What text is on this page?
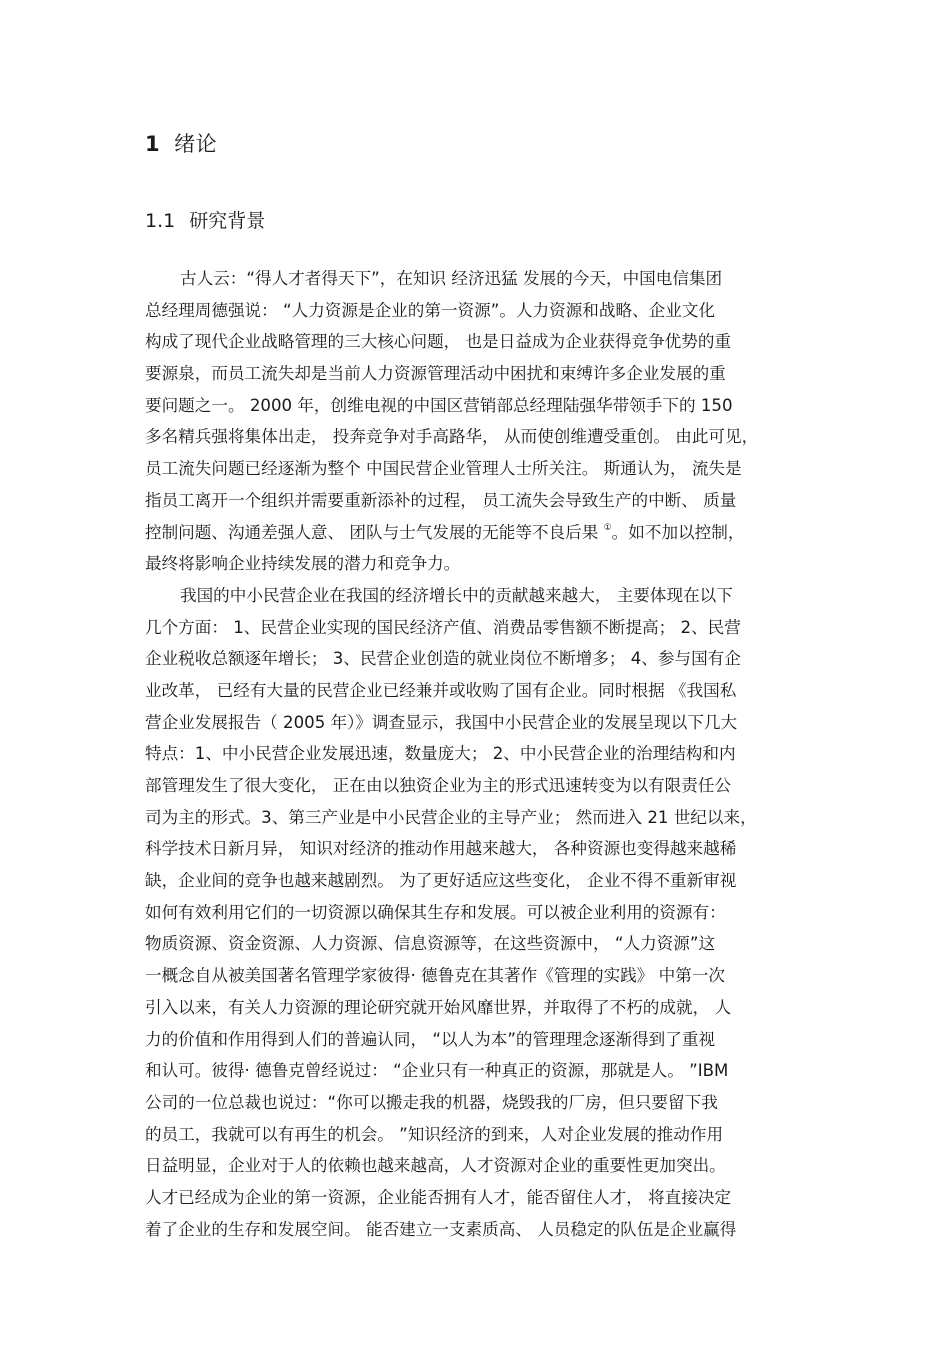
1 绪论
1.1 研究背景
古人云：“得人才者得天下”，在知识 经济迅猛 发展的今天，中国电信集团
总经理周德强说： “人力资源是企业的第一资源”。人力资源和战略、企业文化
构成了现代企业战略管理的三大核心问题， 也是日益成为企业获得竞争优势的重
要源泉，而员工流失却是当前人力资源管理活动中困扰和束缚许多企业发展的重
要问题之一。 2000 年，创维电视的中国区营销部总经理陆强华带领手下的 150
多名精兵强将集体出走， 投奔竞争对手高路华， 从而使创维遭受重创。 由此可见，
员工流失问题已经逐渐为整个 中国民营企业管理人士所关注。 斯通认为， 流失是
指员工离开一个组织并需要重新添补的过程， 员工流失会导致生产的中断、 质量
控制问题、沟通差强人意、 团队与士气发展的无能等不良后果 ①。如不加以控制，
最终将影响企业持续发展的潜力和竞争力。
我国的中小民营企业在我国的经济增长中的贡献越来越大， 主要体现在以下
几个方面： 1、民营企业实现的国民经济产值、消费品零售额不断提高； 2、民营
企业税收总额逐年增长； 3、民营企业创造的就业岗位不断增多； 4、参与国有企
业改革， 已经有大量的民营企业已经兼并或收购了国有企业。同时根据 《我国私
营企业发展报告（ 2005 年）》调查显示，我国中小民营企业的发展呈现以下几大
特点：1、中小民营企业发展迅速，数量庞大； 2、中小民营企业的治理结构和内
部管理发生了很大变化， 正在由以独资企业为主的形式迅速转变为以有限责任公
司为主的形式。3、第三产业是中小民营企业的主导产业； 然而进入 21 世纪以来，
科学技术日新月异， 知识对经济的推动作用越来越大， 各种资源也变得越来越稀
缺，企业间的竞争也越来越剧烈。 为了更好适应这些变化， 企业不得不重新审视
如何有效利用它们的一切资源以确保其生存和发展。可以被企业利用的资源有：
物质资源、资金资源、人力资源、信息资源等，在这些资源中， “人力资源”这
一概念自从被美国著名管理学家彼得· 德鲁克在其著作《管理的实践》 中第一次
引入以来，有关人力资源的理论研究就开始风靡世界，并取得了不朽的成就， 人
力的价值和作用得到人们的普遍认同， “以人为本”的管理理念逐渐得到了重视
和认可。彼得· 德鲁克曾经说过： “企业只有一种真正的资源，那就是人。 ”IBM
公司的一位总裁也说过：“你可以搬走我的机器，烧毁我的厂房，但只要留下我
的员工，我就可以有再生的机会。 ”知识经济的到来，人对企业发展的推动作用
日益明显，企业对于人的依赖也越来越高，人才资源对企业的重要性更加突出。
人才已经成为企业的第一资源，企业能否拥有人才，能否留住人才， 将直接决定
着了企业的生存和发展空间。 能否建立一支素质高、 人员稳定的队伍是企业赢得
